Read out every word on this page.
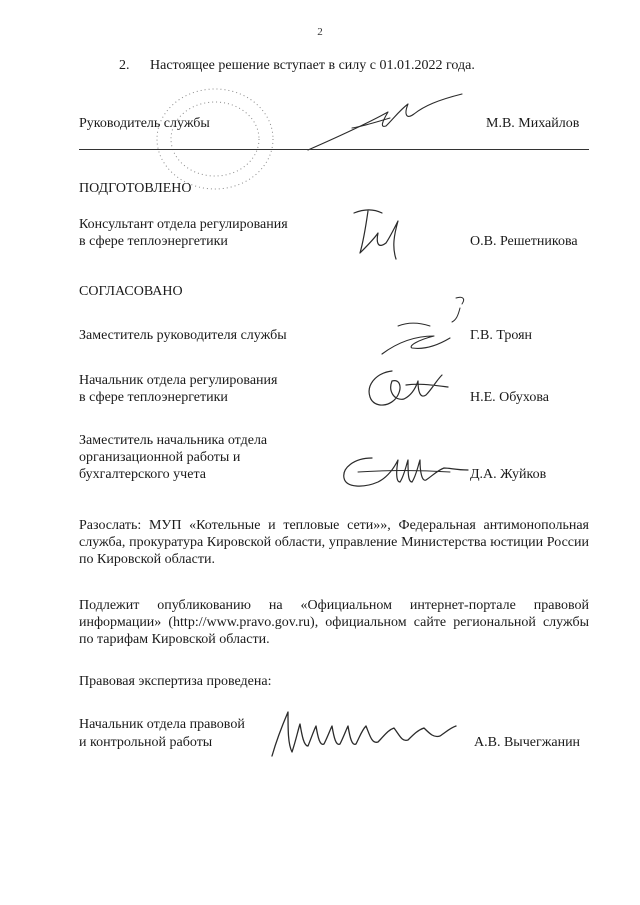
2
2. Настоящее решение вступает в силу с 01.01.2022 года.
Руководитель службы	М.В. Михайлов
ПОДГОТОВЛЕНО
Консультант отдела регулирования
в сфере теплоэнергетики	О.В. Решетникова
СОГЛАСОВАНО
Заместитель руководителя службы	Г.В. Троян
Начальник отдела регулирования
в сфере теплоэнергетики	Н.Е. Обухова
Заместитель начальника отдела
организационной работы и
бухгалтерского учета	Д.А. Жуйков
Разослать: МУП «Котельные и тепловые сети»», Федеральная антимонопольная служба, прокуратура Кировской области, управление Министерства юстиции России по Кировской области.
Подлежит опубликованию на «Официальном интернет-портале правовой информации» (http://www.pravo.gov.ru), официальном сайте региональной службы по тарифам Кировской области.
Правовая экспертиза проведена:
Начальник отдела правовой
и контрольной работы	А.В. Вычегжанин
